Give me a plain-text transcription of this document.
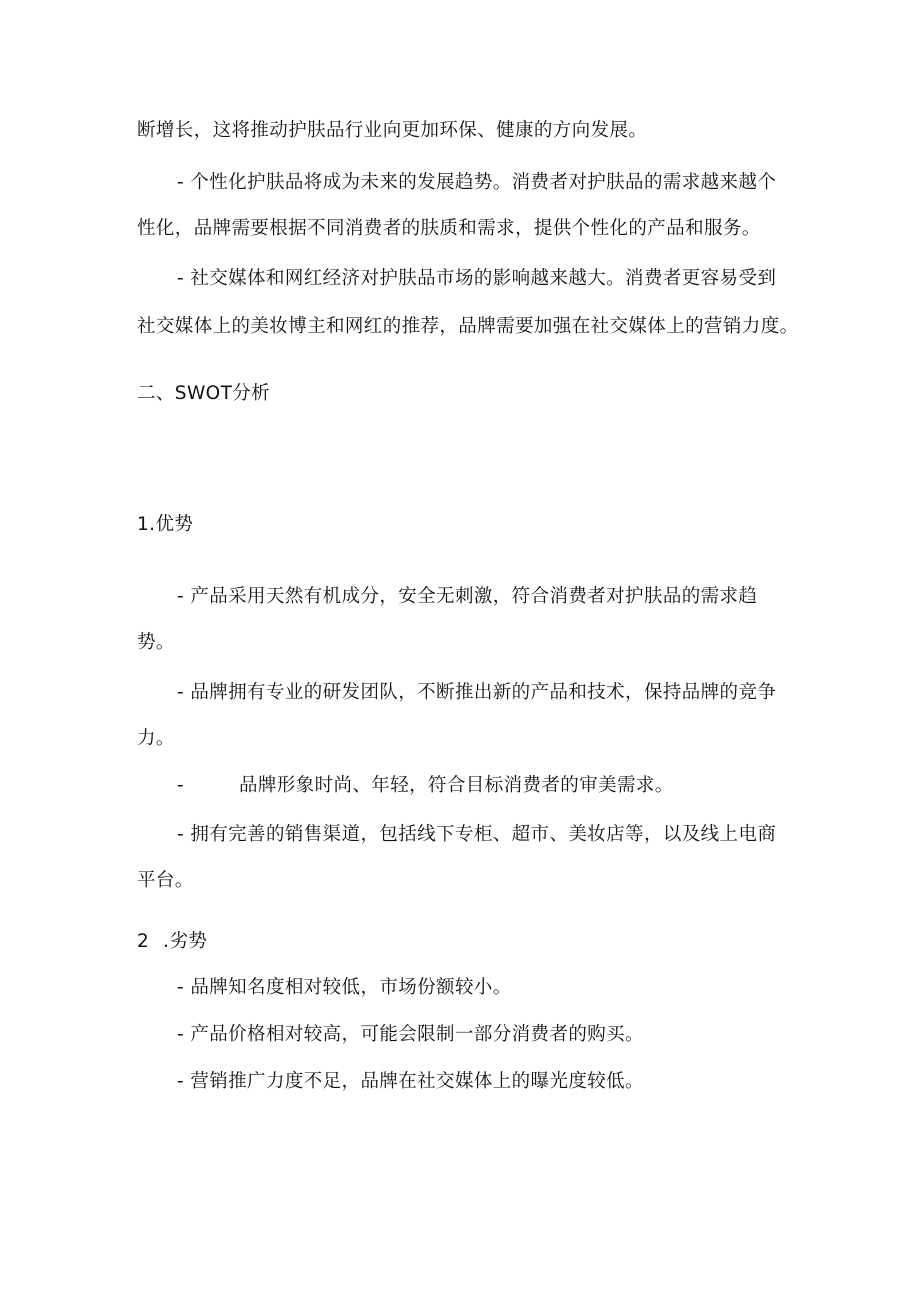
断增长，这将推动护肤品行业向更加环保、健康的方向发展。

- 个性化护肤品将成为未来的发展趋势。消费者对护肤品的需求越来越个

性化，品牌需要根据不同消费者的肤质和需求，提供个性化的产品和服务。

- 社交媒体和网红经济对护肤品市场的影响越来越大。消费者更容易受到

社交媒体上的美妆博主和网红的推荐，品牌需要加强在社交媒体上的营销力度。

二、SWOT分析

1.优势

- 产品采用天然有机成分，安全无刺激，符合消费者对护肤品的需求趋

势。

- 品牌拥有专业的研发团队，不断推出新的产品和技术，保持品牌的竞争

力。

-	品牌形象时尚、年轻，符合目标消费者的审美需求。

- 拥有完善的销售渠道，包括线下专柜、超市、美妆店等，以及线上电商

平台。

2 .劣势

- 品牌知名度相对较低，市场份额较小。

- 产品价格相对较高，可能会限制一部分消费者的购买。

- 营销推广力度不足，品牌在社交媒体上的曝光度较低。
